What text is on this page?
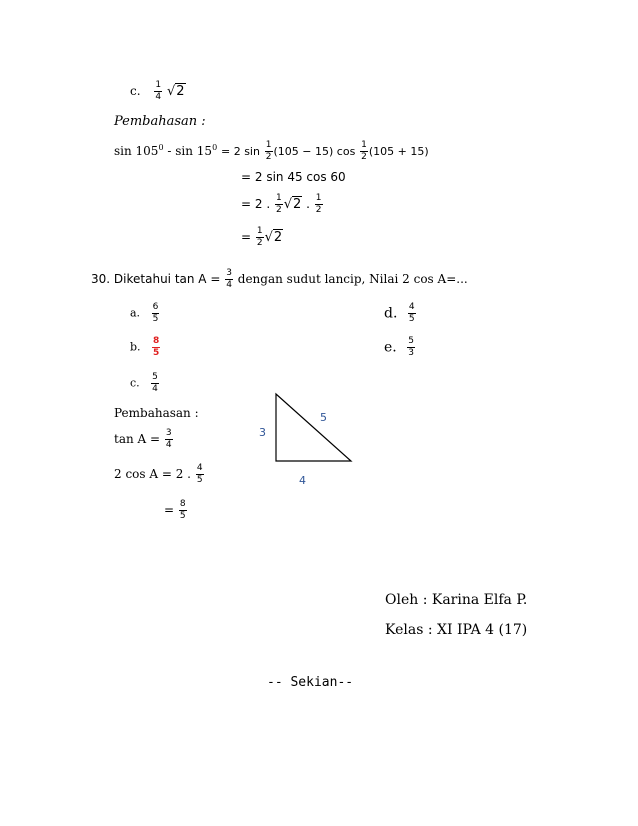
c. $\frac{1}{4} √2$
Pembahasan :
$\sin 105^0 - \sin 15^0 = 2$ $\sin \frac{1}{2} (105 - 15)$ $\cos \frac{1}{2} (105 + 15)$
= 2 sin 45 cos 60
= 2 . $\frac{1}{2} √2$ . $\frac{1}{2}$
= $\frac{1}{2} √2$
30. Diketahui $\tan A = \frac{3}{4}$ dengan sudut lancip, Nilai 2 cos A=...
a. $\frac{6}{5}$
b. $\frac{8}{5}$
c. $\frac{5}{4}$
d. $\frac{4}{5}$
e. $\frac{5}{3}$
Pembahasan :
$\tan A = \frac{3}{4}$
2 cos A = 2 . $\frac{4}{5}$
= $\frac{8}{5}$
3
5
4
Oleh : Karina Elfa P.
Kelas : XI IPA 4 (17)
-- Sekian--
